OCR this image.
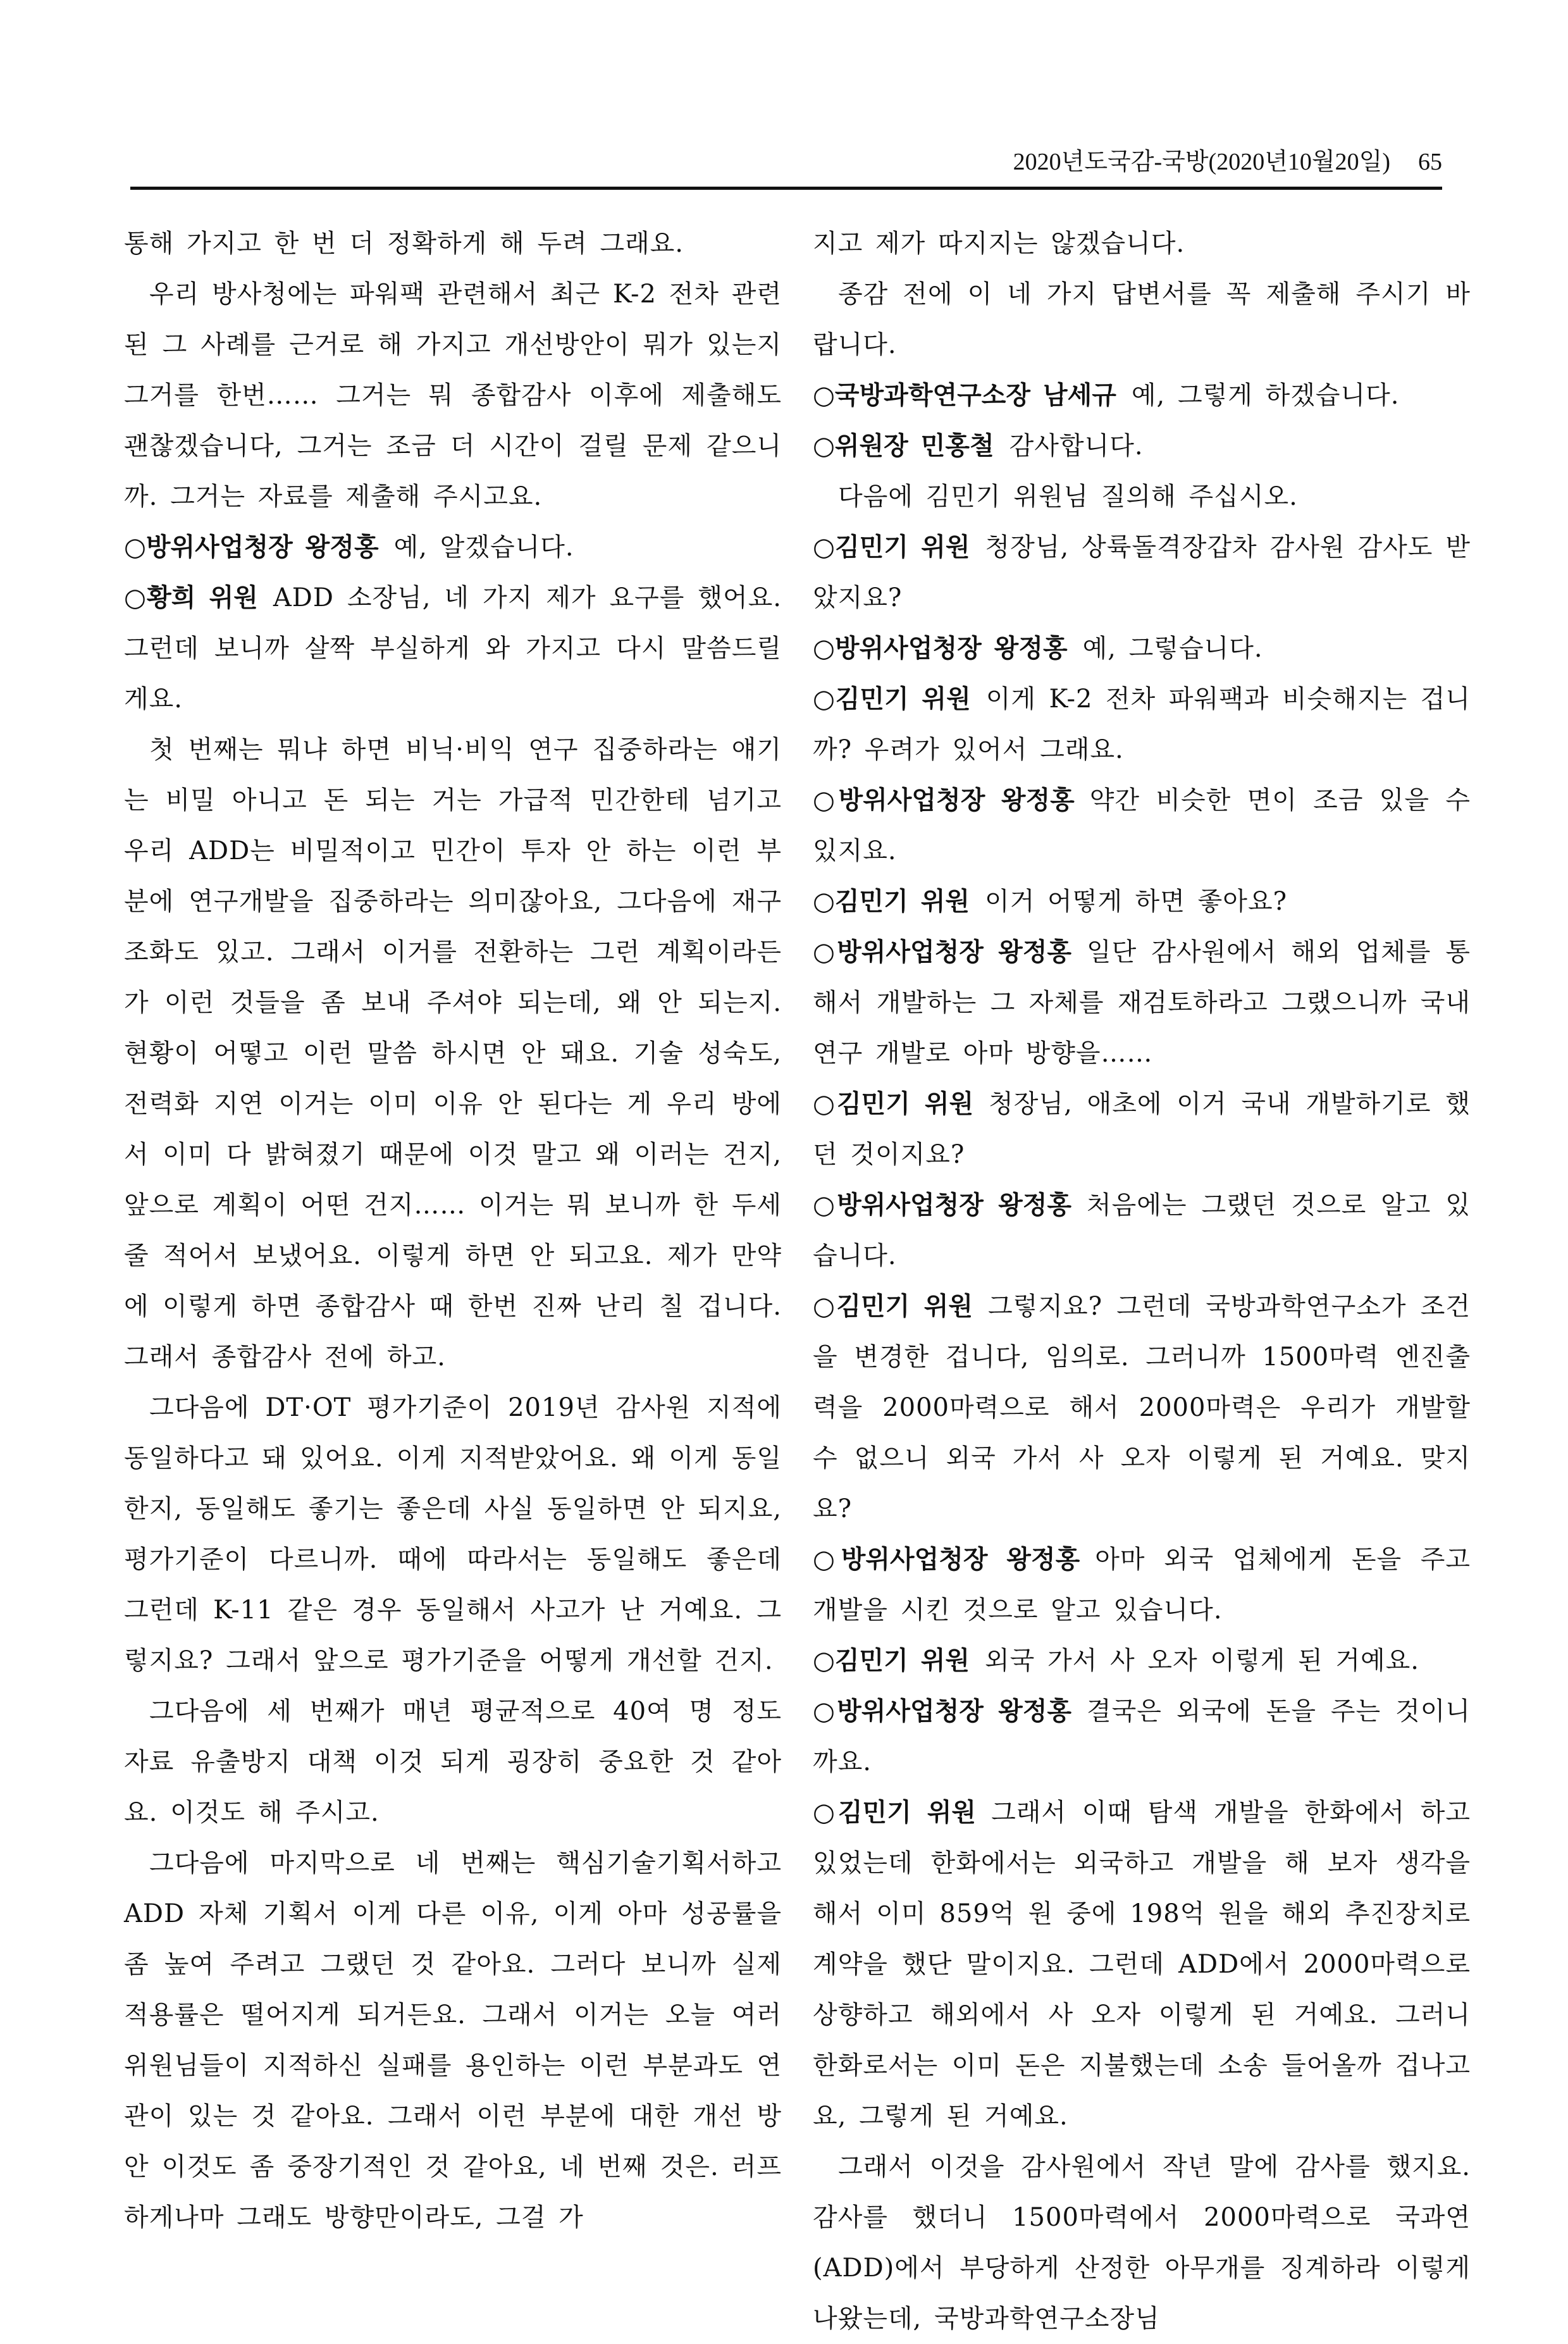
2020년도국감-국방(2020년10월20일) 65

통해 가지고 한 번 더 정확하게 해 두려 그래요.

우리 방사청에는 파워팩 관련해서 최근 K-2 전차 관련된 그 사례를 근거로 해 가지고 개선방안이 뭐가 있는지 그거를 한번…… 그거는 뭐 종합감사 이후에 제출해도 괜찮겠습니다, 그거는 조금 더 시간이 걸릴 문제 같으니까. 그거는 자료를 제출해 주시고요.

○방위사업청장 왕정홍 예, 알겠습니다.

○황희 위원 ADD 소장님, 네 가지 제가 요구를 했어요. 그런데 보니까 살짝 부실하게 와 가지고 다시 말씀드릴게요.

첫 번째는 뭐냐 하면 비닉·비익 연구 집중하라는 얘기는 비밀 아니고 돈 되는 거는 가급적 민간한테 넘기고 우리 ADD는 비밀적이고 민간이 투자 안 하는 이런 부분에 연구개발을 집중하라는 의미잖아요, 그다음에 재구조화도 있고. 그래서 이거를 전환하는 그런 계획이라든가 이런 것들을 좀 보내 주셔야 되는데, 왜 안 되는지. 현황이 어떻고 이런 말씀 하시면 안 돼요. 기술 성숙도, 전력화 지연 이거는 이미 이유 안 된다는 게 우리 방에서 이미 다 밝혀졌기 때문에 이것 말고 왜 이러는 건지, 앞으로 계획이 어떤 건지…… 이거는 뭐 보니까 한 두세 줄 적어서 보냈어요. 이렇게 하면 안 되고요. 제가 만약에 이렇게 하면 종합감사 때 한번 진짜 난리 칠 겁니다. 그래서 종합감사 전에 하고.

그다음에 DT·OT 평가기준이 2019년 감사원 지적에 동일하다고 돼 있어요. 이게 지적받았어요. 왜 이게 동일한지, 동일해도 좋기는 좋은데 사실 동일하면 안 되지요, 평가기준이 다르니까. 때에 따라서는 동일해도 좋은데 그런데 K-11 같은 경우 동일해서 사고가 난 거예요. 그렇지요? 그래서 앞으로 평가기준을 어떻게 개선할 건지.

그다음에 세 번째가 매년 평균적으로 40여 명 정도 자료 유출방지 대책 이것 되게 굉장히 중요한 것 같아요. 이것도 해 주시고.

그다음에 마지막으로 네 번째는 핵심기술기획서하고 ADD 자체 기획서 이게 다른 이유, 이게 아마 성공률을 좀 높여 주려고 그랬던 것 같아요. 그러다 보니까 실제 적용률은 떨어지게 되거든요. 그래서 이거는 오늘 여러 위원님들이 지적하신 실패를 용인하는 이런 부분과도 연관이 있는 것 같아요. 그래서 이런 부분에 대한 개선 방안 이것도 좀 중장기적인 것 같아요, 네 번째 것은. 러프하게나마 그래도 방향만이라도, 그걸 가

지고 제가 따지지는 않겠습니다.

종감 전에 이 네 가지 답변서를 꼭 제출해 주시기 바랍니다.

○국방과학연구소장 남세규 예, 그렇게 하겠습니다.

○위원장 민홍철 감사합니다.

다음에 김민기 위원님 질의해 주십시오.

○김민기 위원 청장님, 상륙돌격장갑차 감사원 감사도 받았지요?

○방위사업청장 왕정홍 예, 그렇습니다.

○김민기 위원 이게 K-2 전차 파워팩과 비슷해지는 겁니까? 우려가 있어서 그래요.

○방위사업청장 왕정홍 약간 비슷한 면이 조금 있을 수 있지요.

○김민기 위원 이거 어떻게 하면 좋아요?

○방위사업청장 왕정홍 일단 감사원에서 해외 업체를 통해서 개발하는 그 자체를 재검토하라고 그랬으니까 국내 연구 개발로 아마 방향을……

○김민기 위원 청장님, 애초에 이거 국내 개발하기로 했던 것이지요?

○방위사업청장 왕정홍 처음에는 그랬던 것으로 알고 있습니다.

○김민기 위원 그렇지요? 그런데 국방과학연구소가 조건을 변경한 겁니다, 임의로. 그러니까 1500마력 엔진출력을 2000마력으로 해서 2000마력은 우리가 개발할 수 없으니 외국 가서 사 오자 이렇게 된 거예요. 맞지요?

○방위사업청장 왕정홍 아마 외국 업체에게 돈을 주고 개발을 시킨 것으로 알고 있습니다.

○김민기 위원 외국 가서 사 오자 이렇게 된 거예요.

○방위사업청장 왕정홍 결국은 외국에 돈을 주는 것이니까요.

○김민기 위원 그래서 이때 탐색 개발을 한화에서 하고 있었는데 한화에서는 외국하고 개발을 해 보자 생각을 해서 이미 859억 원 중에 198억 원을 해외 추진장치로 계약을 했단 말이지요. 그런데 ADD에서 2000마력으로 상향하고 해외에서 사 오자 이렇게 된 거예요. 그러니 한화로서는 이미 돈은 지불했는데 소송 들어올까 겁나고요, 그렇게 된 거예요.

그래서 이것을 감사원에서 작년 말에 감사를 했지요. 감사를 했더니 1500마력에서 2000마력으로 국과연(ADD)에서 부당하게 산정한 아무개를 징계하라 이렇게 나왔는데, 국방과학연구소장님
